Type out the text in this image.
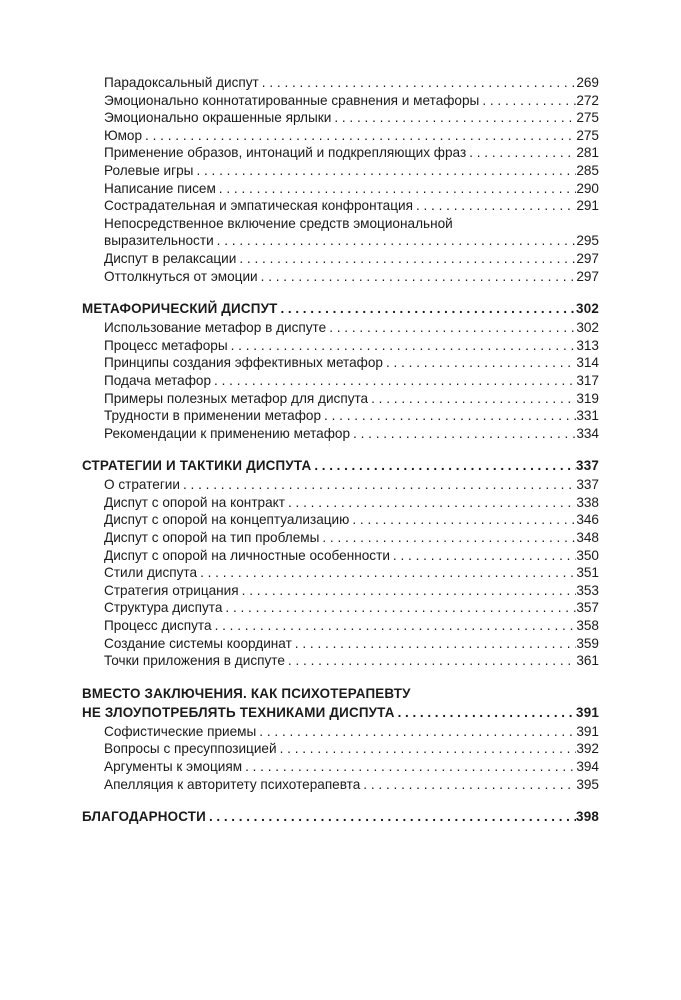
Парадоксальный диспут . . .	269
Эмоционально коннотатированные сравнения и метафоры . . .	272
Эмоционально окрашенные ярлыки . . .	275
Юмор . . .	275
Применение образов, интонаций и подкрепляющих фраз . . .	281
Ролевые игры . . .	285
Написание писем . . .	290
Сострадательная и эмпатическая конфронтация . . .	291
Непосредственное включение средств эмоциональной
выразительности . . .	295
Диспут в релаксации . . .	297
Оттолкнуться от эмоции . . .	297
МЕТАФОРИЧЕСКИЙ ДИСПУТ . . .	302
Использование метафор в диспуте . . .	302
Процесс метафоры . . .	313
Принципы создания эффективных метафор . . .	314
Подача метафор . . .	317
Примеры полезных метафор для диспута . . .	319
Трудности в применении метафор . . .	331
Рекомендации к применению метафор . . .	334
СТРАТЕГИИ И ТАКТИКИ ДИСПУТА . . .	337
О стратегии . . .	337
Диспут с опорой на контракт . . .	338
Диспут с опорой на концептуализацию . . .	346
Диспут с опорой на тип проблемы . . .	348
Диспут с опорой на личностные особенности . . .	350
Стили диспута . . .	351
Стратегия отрицания . . .	353
Структура диспута . . .	357
Процесс диспута . . .	358
Создание системы координат . . .	359
Точки приложения в диспуте . . .	361
ВМЕСТО ЗАКЛЮЧЕНИЯ. КАК ПСИХОТЕРАПЕВТУ
НЕ ЗЛОУПОТРЕБЛЯТЬ ТЕХНИКАМИ ДИСПУТА . . .	391
Софистические приемы . . .	391
Вопросы с пресуппозицией . . .	392
Аргументы к эмоциям . . .	394
Апелляция к авторитету психотерапевта . . .	395
БЛАГОДАРНОСТИ . . .	398
